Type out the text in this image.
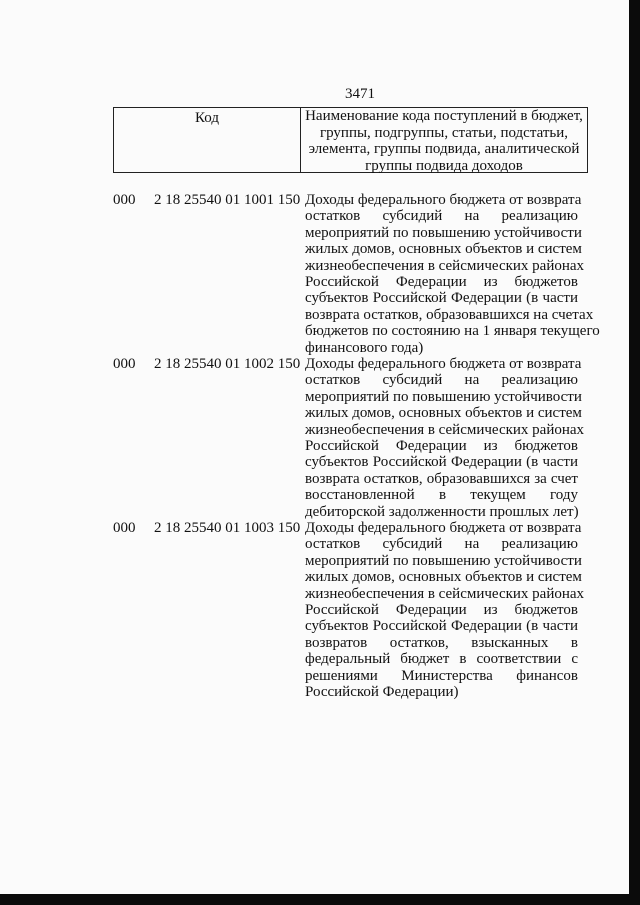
3471
Код	Наименование кода поступлений в бюджет,
группы, подгруппы, статьи, подстатьи,
элемента, группы подвида, аналитической
группы подвида доходов
000 2 18 25540 01 1001 150 Доходы федерального бюджета от возврата
остатков субсидий на реализацию
мероприятий по повышению устойчивости
жилых домов, основных объектов и систем
жизнеобеспечения в сейсмических районах
Российской Федерации из бюджетов
субъектов Российской Федерации (в части
возврата остатков, образовавшихся на счетах
бюджетов по состоянию на 1 января текущего
финансового года)
000 2 18 25540 01 1002 150 Доходы федерального бюджета от возврата
остатков субсидий на реализацию
мероприятий по повышению устойчивости
жилых домов, основных объектов и систем
жизнеобеспечения в сейсмических районах
Российской Федерации из бюджетов
субъектов Российской Федерации (в части
возврата остатков, образовавшихся за счет
восстановленной в текущем году
дебиторской задолженности прошлых лет)
000 2 18 25540 01 1003 150 Доходы федерального бюджета от возврата
остатков субсидий на реализацию
мероприятий по повышению устойчивости
жилых домов, основных объектов и систем
жизнеобеспечения в сейсмических районах
Российской Федерации из бюджетов
субъектов Российской Федерации (в части
возвратов остатков, взысканных в
федеральный бюджет в соответствии с
решениями Министерства финансов
Российской Федерации)
